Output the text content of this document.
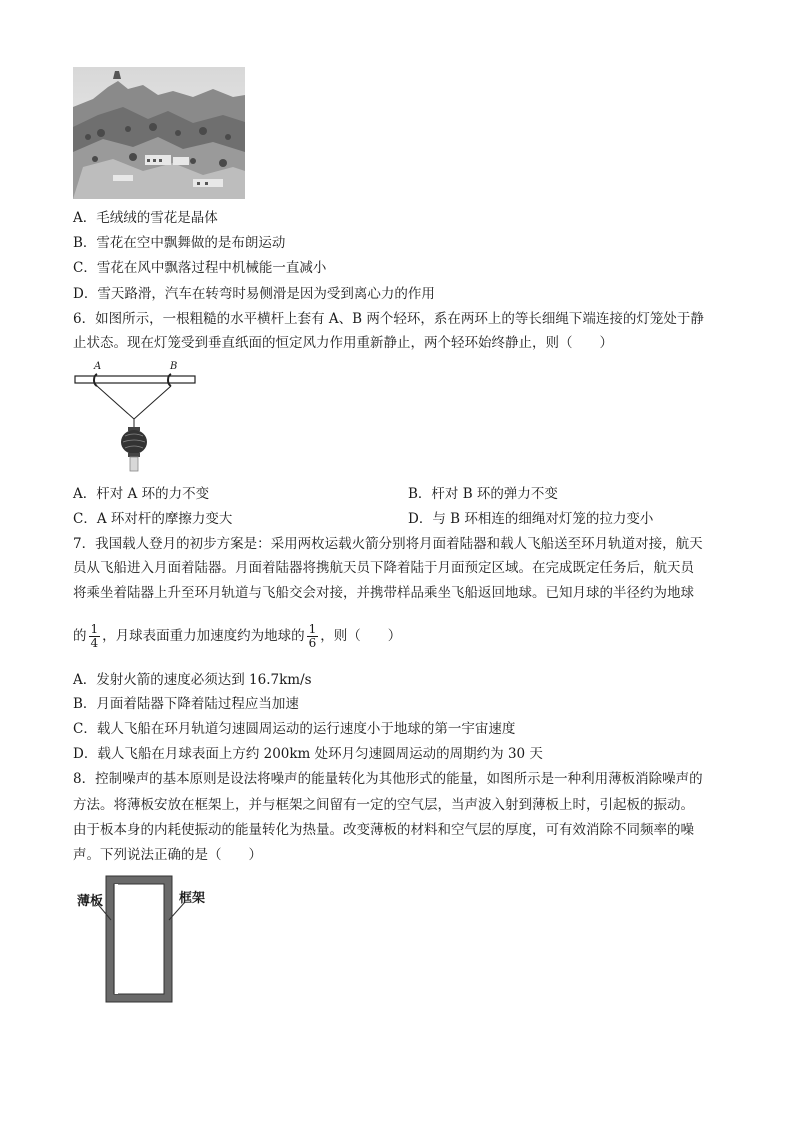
A．毛绒绒的雪花是晶体
B．雪花在空中飘舞做的是布朗运动
C．雪花在风中飘落过程中机械能一直减小
D．雪天路滑，汽车在转弯时易侧滑是因为受到离心力的作用
6．如图所示，一根粗糙的水平横杆上套有 A、B 两个轻环，系在两环上的等长细绳下端连接的灯笼处于静
止状态。现在灯笼受到垂直纸面的恒定风力作用重新静止，两个轻环始终静止，则（　　）
A	B
A．杆对 A 环的力不变	B．杆对 B 环的弹力不变
C．A 环对杆的摩擦力变大	D．与 B 环相连的细绳对灯笼的拉力变小
7．我国载人登月的初步方案是：采用两枚运载火箭分别将月面着陆器和载人飞船送至环月轨道对接，航天
员从飞船进入月面着陆器。月面着陆器将携航天员下降着陆于月面预定区域。在完成既定任务后，航天员
将乘坐着陆器上升至环月轨道与飞船交会对接，并携带样品乘坐飞船返回地球。已知月球的半径约为地球
的 $\frac{1}{4}$ ，月球表面重力加速度约为地球的 $\frac{1}{6}$ ，则（　　）
A．发射火箭的速度必须达到 16.7km/s
B．月面着陆器下降着陆过程应当加速
C．载人飞船在环月轨道匀速圆周运动的运行速度小于地球的第一宇宙速度
D．载人飞船在月球表面上方约 200km 处环月匀速圆周运动的周期约为 30 天
8．控制噪声的基本原则是设法将噪声的能量转化为其他形式的能量，如图所示是一种利用薄板消除噪声的
方法。将薄板安放在框架上，并与框架之间留有一定的空气层，当声波入射到薄板上时，引起板的振动。
由于板本身的内耗使振动的能量转化为热量。改变薄板的材料和空气层的厚度，可有效消除不同频率的噪
声。下列说法正确的是（　　）
薄板	框架
